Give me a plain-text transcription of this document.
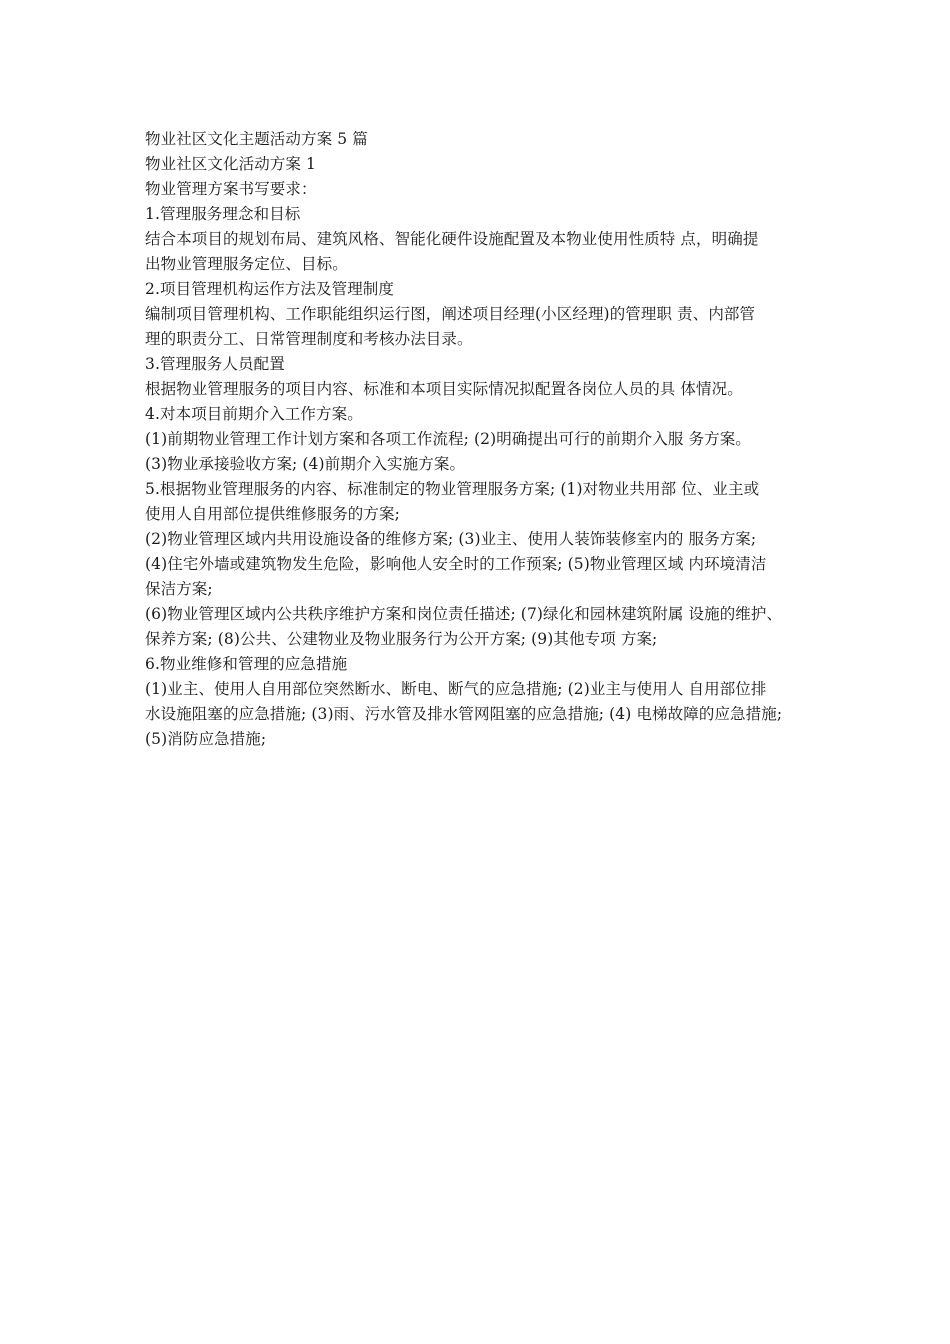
物业社区文化主题活动方案 5 篇

物业社区文化活动方案 1

物业管理方案书写要求：

1.管理服务理念和目标

结合本项目的规划布局、建筑风格、智能化硬件设施配置及本物业使用性质特 点，明确提

出物业管理服务定位、目标。

2.项目管理机构运作方法及管理制度

编制项目管理机构、工作职能组织运行图，阐述项目经理(小区经理)的管理职 责、内部管

理的职责分工、日常管理制度和考核办法目录。

3.管理服务人员配置

根据物业管理服务的项目内容、标准和本项目实际情况拟配置各岗位人员的具 体情况。

4.对本项目前期介入工作方案。

(1)前期物业管理工作计划方案和各项工作流程; (2)明确提出可行的前期介入服 务方案。

(3)物业承接验收方案; (4)前期介入实施方案。

5.根据物业管理服务的内容、标准制定的物业管理服务方案; (1)对物业共用部 位、业主或

使用人自用部位提供维修服务的方案;

(2)物业管理区域内共用设施设备的维修方案; (3)业主、使用人装饰装修室内的 服务方案;

(4)住宅外墙或建筑物发生危险，影响他人安全时的工作预案; (5)物业管理区域 内环境清洁

保洁方案;

(6)物业管理区域内公共秩序维护方案和岗位责任描述; (7)绿化和园林建筑附属 设施的维护、

保养方案; (8)公共、公建物业及物业服务行为公开方案; (9)其他专项 方案;

6.物业维修和管理的应急措施

(1)业主、使用人自用部位突然断水、断电、断气的应急措施; (2)业主与使用人 自用部位排

水设施阻塞的应急措施; (3)雨、污水管及排水管网阻塞的应急措施; (4) 电梯故障的应急措施;

(5)消防应急措施;
